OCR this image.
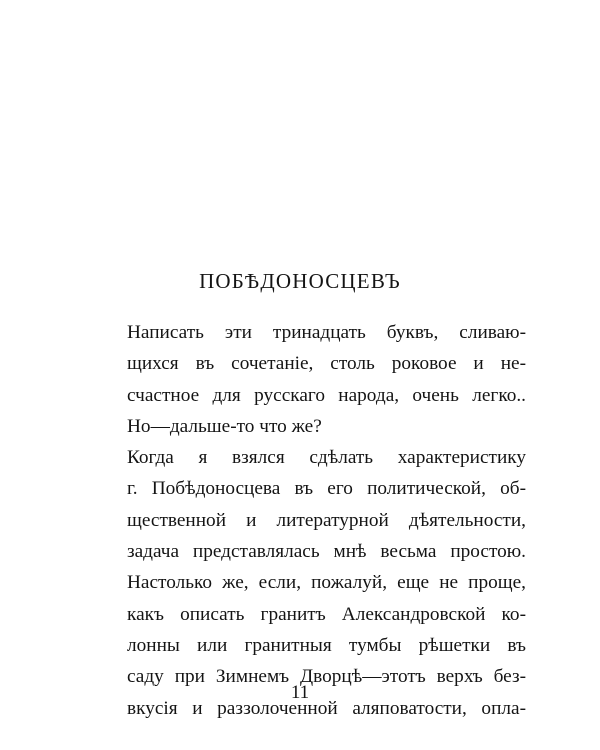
ПОБѢДОНОСЦЕВЪ
Написать эти тринадцать буквъ, сливаю-
щихся въ сочетаніе, столь роковое и не-
счастное для русскаго народа, очень легко..
Но—дальше-то что же?
Когда я взялся сдѣлать характеристику
г. Побѣдоносцева въ его политической, об-
щественной и литературной дѣятельности,
задача представлялась мнѣ весьма простою.
Настолько же, если, пожалуй, еще не проще,
какъ описать гранитъ Александровской ко-
лонны или гранитныя тумбы рѣшетки въ
саду при Зимнемъ Дворцѣ—этотъ верхъ без-
вкусія и раззолоченной аляповатости, опла-
11
